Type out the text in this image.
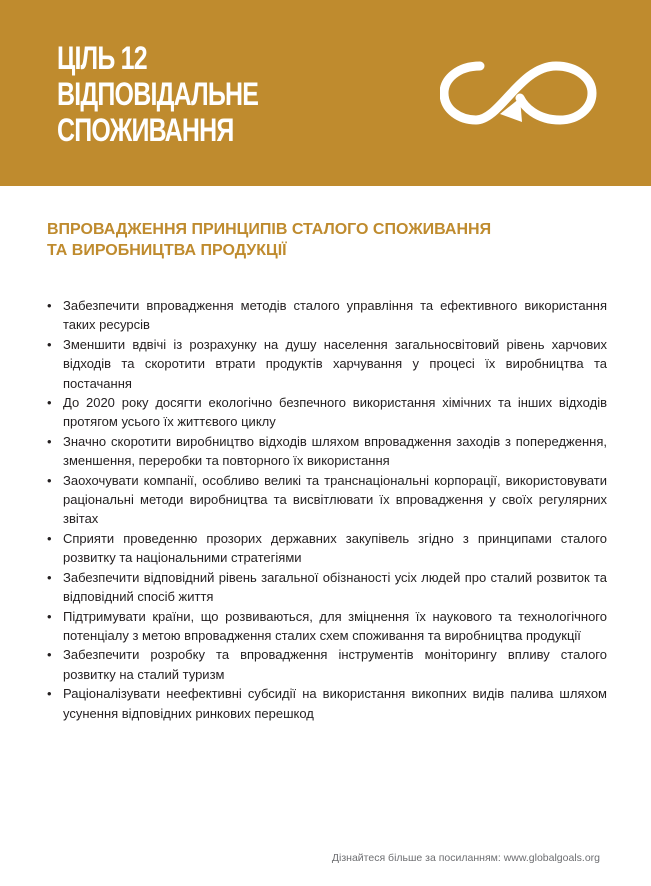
ЦІЛЬ 12
ВІДПОВІДАЛЬНЕ
СПОЖИВАННЯ
ВПРОВАДЖЕННЯ ПРИНЦИПІВ СТАЛОГО СПОЖИВАННЯ
ТА ВИРОБНИЦТВА ПРОДУКЦІЇ
• Забезпечити впровадження методів сталого управління та ефективного використання таких ресурсів
• Зменшити вдвічі із розрахунку на душу населення загальносвітовий рівень харчових відходів та скоротити втрати продуктів харчування у процесі їх виробництва та постачання
• До 2020 року досягти екологічно безпечного використання хімічних та інших відходів протягом усього їх життєвого циклу
• Значно скоротити виробництво відходів шляхом впровадження заходів з попередження, зменшення, переробки та повторного їх використання
• Заохочувати компанії, особливо великі та транснаціональні корпорації, використовувати раціональні методи виробництва та висвітлювати їх впровадження у своїх регулярних звітах
• Сприяти проведенню прозорих державних закупівель згідно з принципами сталого розвитку та національними стратегіями
• Забезпечити відповідний рівень загальної обізнаності усіх людей про сталий розвиток та відповідний спосіб життя
• Підтримувати країни, що розвиваються, для зміцнення їх наукового та технологічного потенціалу з метою впровадження сталих схем споживання та виробництва продукції
• Забезпечити розробку та впровадження інструментів моніторингу впливу сталого розвитку на сталий туризм
• Раціоналізувати неефективні субсидії на використання викопних видів палива шляхом усунення відповідних ринкових перешкод
Дізнайтеся більше за посиланням: www.globalgoals.org
